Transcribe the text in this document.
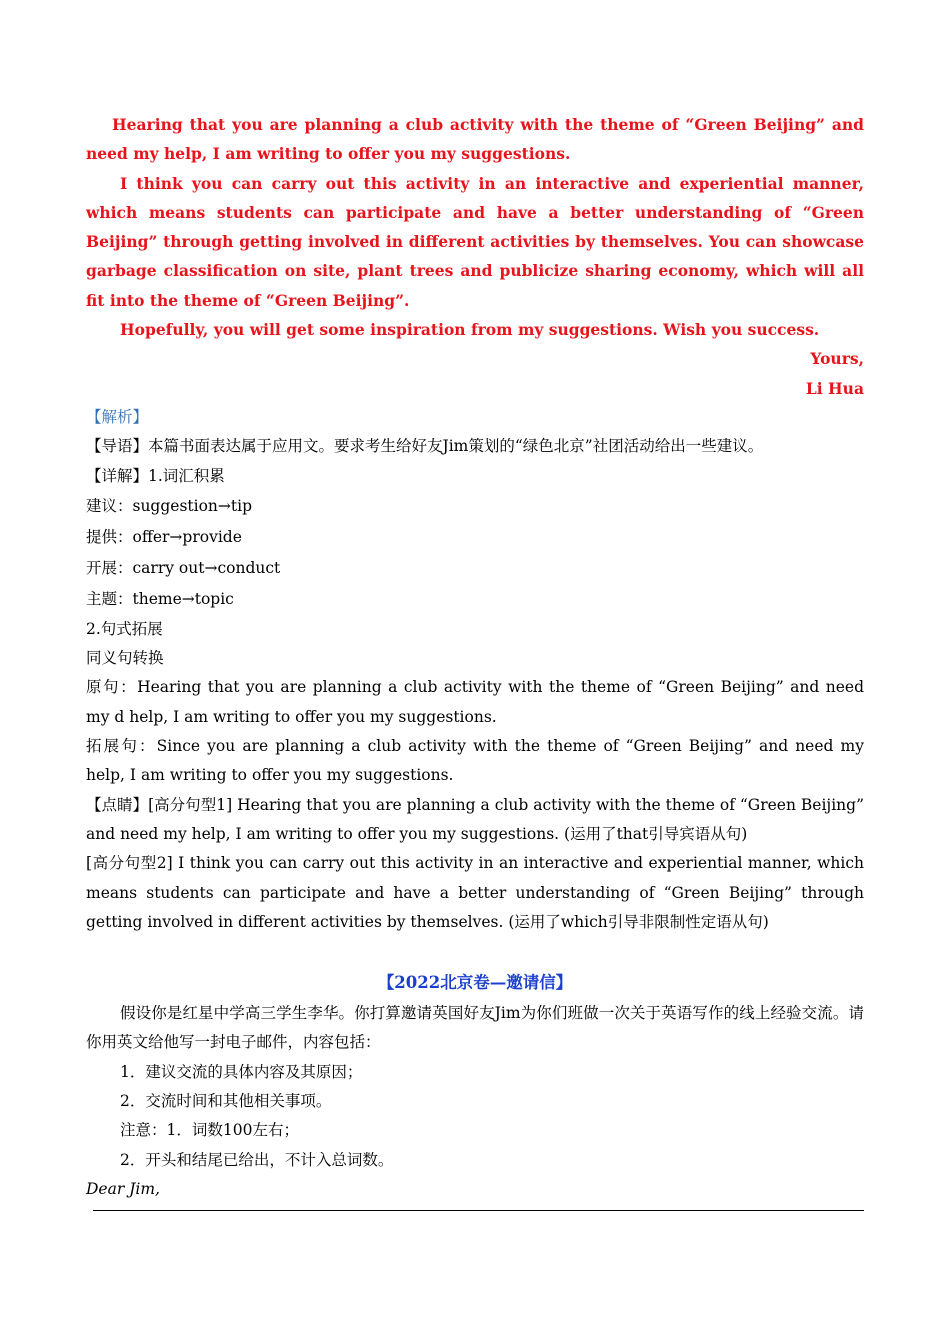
Hearing that you are planning a club activity with the theme of “Green Beijing” and need my help, I am writing to offer you my suggestions.

I think you can carry out this activity in an interactive and experiential manner, which means students can participate and have a better understanding of “Green Beijing” through getting involved in different activities by themselves. You can showcase garbage classification on site, plant trees and publicize sharing economy, which will all fit into the theme of “Green Beijing”.

Hopefully, you will get some inspiration from my suggestions. Wish you success.

Yours,

Li Hua

【解析】

【导语】本篇书面表达属于应用文。要求考生给好友Jim策划的“绿色北京”社团活动给出一些建议。

【详解】1.词汇积累

建议：suggestion→tip

提供：offer→provide

开展：carry out→conduct

主题：theme→topic

2.句式拓展

同义句转换

原句：Hearing that you are planning a club activity with the theme of “Green Beijing” and need my d help, I am writing to offer you my suggestions.

拓展句：Since you are planning a club activity with the theme of “Green Beijing” and need my help, I am writing to offer you my suggestions.

【点睛】[高分句型1] Hearing that you are planning a club activity with the theme of “Green Beijing” and need my help, I am writing to offer you my suggestions. (运用了that引导宾语从句)

[高分句型2] I think you can carry out this activity in an interactive and experiential manner, which means students can participate and have a better understanding of “Green Beijing” through getting involved in different activities by themselves. (运用了which引导非限制性定语从句)

【2022北京卷—邀请信】

假设你是红星中学高三学生李华。你打算邀请英国好友Jim为你们班做一次关于英语写作的线上经验交流。请你用英文给他写一封电子邮件，内容包括：

1．建议交流的具体内容及其原因；

2．交流时间和其他相关事项。

注意：1．词数100左右；

2．开头和结尾已给出，不计入总词数。

Dear Jim,
